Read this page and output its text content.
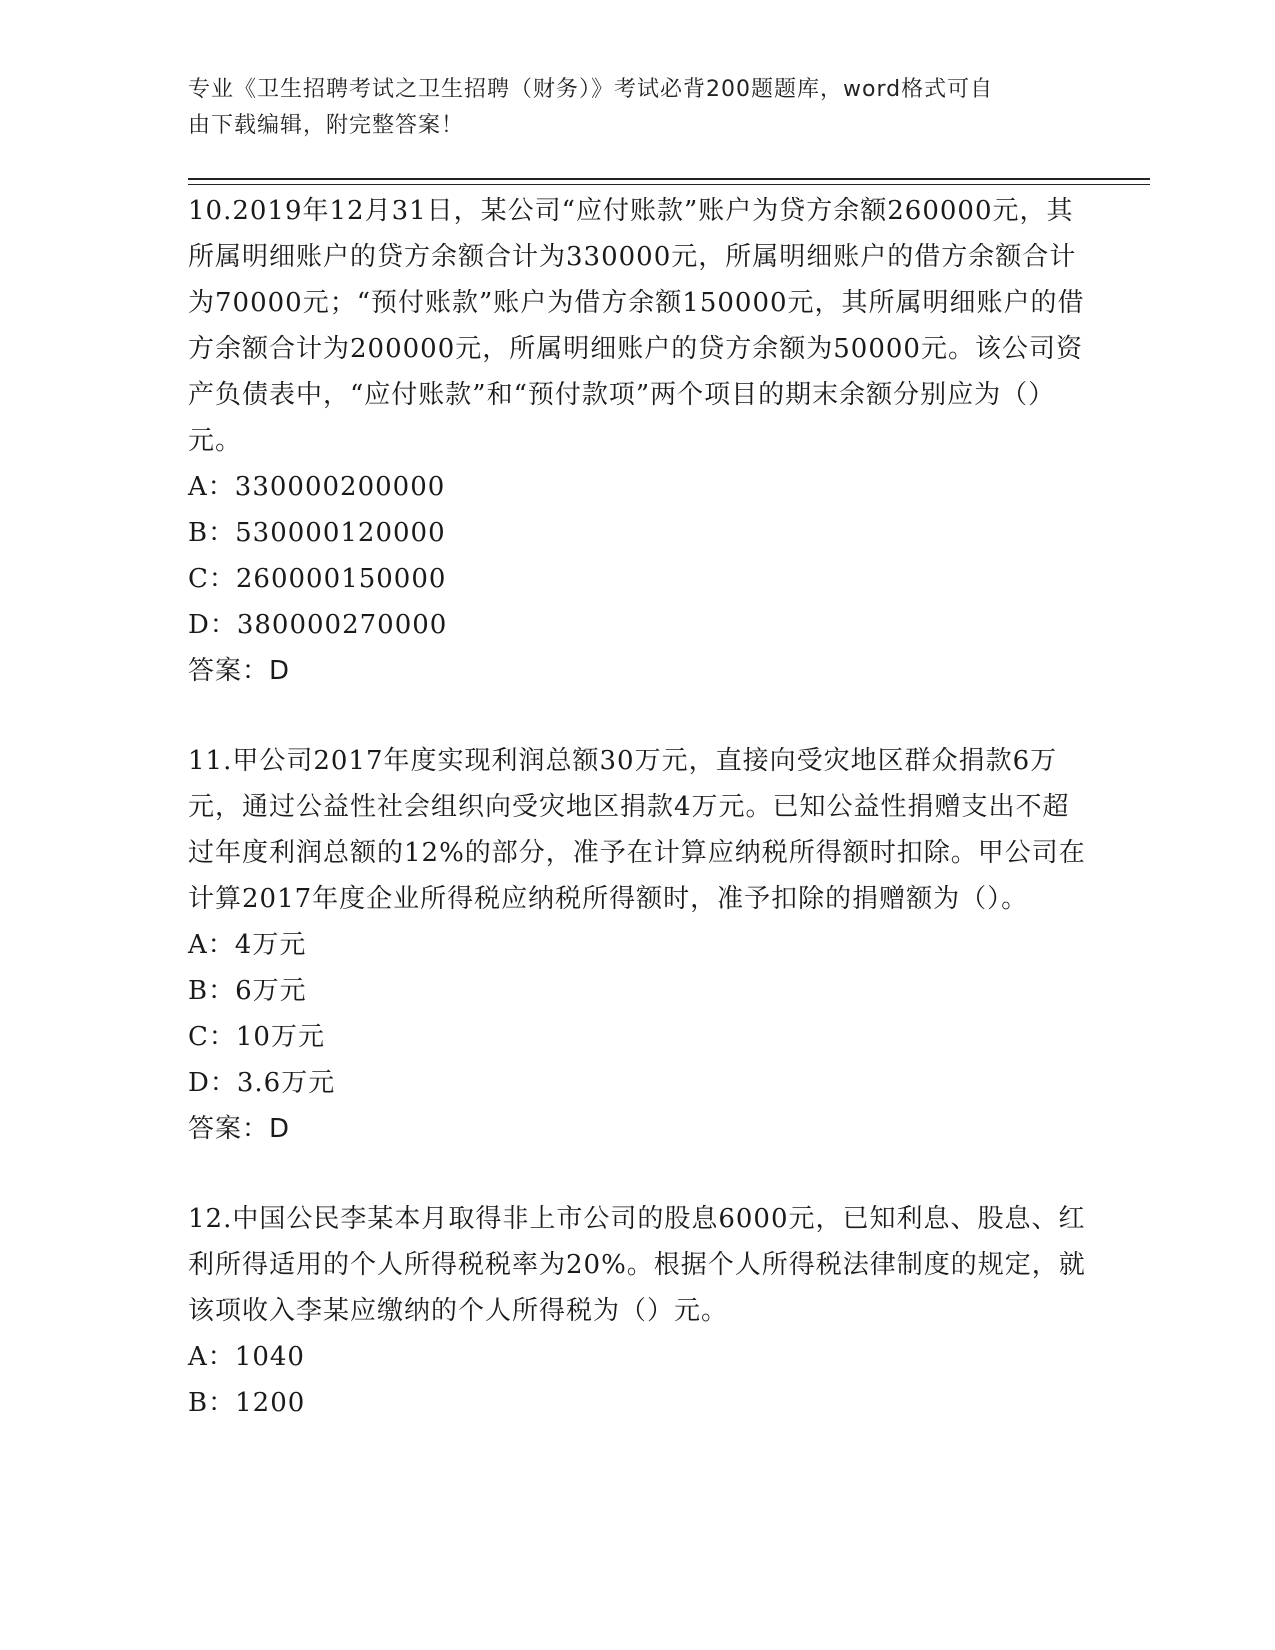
专业《卫生招聘考试之卫生招聘（财务）》考试必背200题题库，word格式可自
由下载编辑，附完整答案！

10.2019年12月31日，某公司“应付账款”账户为贷方余额260000元，其所属明细账户的贷方余额合计为330000元，所属明细账户的借方余额合计为70000元；“预付账款”账户为借方余额150000元，其所属明细账户的借方余额合计为200000元，所属明细账户的贷方余额为50000元。该公司资产负债表中，“应付账款”和“预付款项”两个项目的期末余额分别应为（）元。

A：330000200000

B：530000120000

C：260000150000

D：380000270000

答案：D

11.甲公司2017年度实现利润总额30万元，直接向受灾地区群众捐款6万元，通过公益性社会组织向受灾地区捐款4万元。已知公益性捐赠支出不超过年度利润总额的12%的部分，准予在计算应纳税所得额时扣除。甲公司在计算2017年度企业所得税应纳税所得额时，准予扣除的捐赠额为（）。

A：4万元

B：6万元

C：10万元

D：3.6万元

答案：D

12.中国公民李某本月取得非上市公司的股息6000元，已知利息、股息、红利所得适用的个人所得税税率为20%。根据个人所得税法律制度的规定，就该项收入李某应缴纳的个人所得税为（）元。

A：1040

B：1200
